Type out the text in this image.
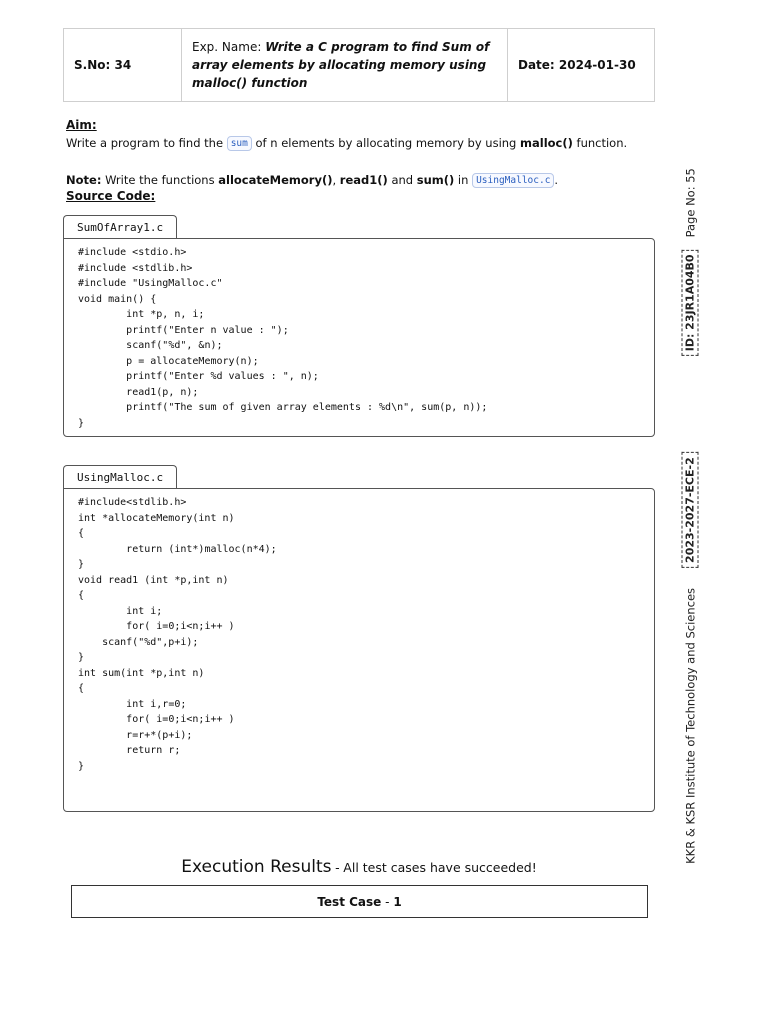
S.No: 34
Exp. Name: Write a C program to find Sum of array elements by allocating memory using malloc() function
Date: 2024-01-30
Aim:
Write a program to find the sum of n elements by allocating memory by using malloc() function.
Note: Write the functions allocateMemory(), read1() and sum() in UsingMalloc.c .
Source Code:
SumOfArray1.c
#include <stdio.h>
#include <stdlib.h>
#include "UsingMalloc.c"
void main() {
	int *p, n, i;
	printf("Enter n value : ");
	scanf("%d", &n);
	p = allocateMemory(n);
	printf("Enter %d values : ", n);
	read1(p, n);
	printf("The sum of given array elements : %d\n", sum(p, n));
}
UsingMalloc.c
#include<stdlib.h>
int *allocateMemory(int n)
{
	return (int*)malloc(n*4);
}
void read1 (int *p,int n)
{
	int i;
	for( i=0;i<n;i++ )
scanf("%d",p+i);
}
int sum(int *p,int n)
{
	int i,r=0;
	for( i=0;i<n;i++ )
	r=r+*(p+i);
	return r;
}
Execution Results - All test cases have succeeded!
Test Case
-
1
KKR & KSR Institute of Technology and Sciences
2023-2027-ECE-2
ID: 23JR1A04B0
Page No: 55
